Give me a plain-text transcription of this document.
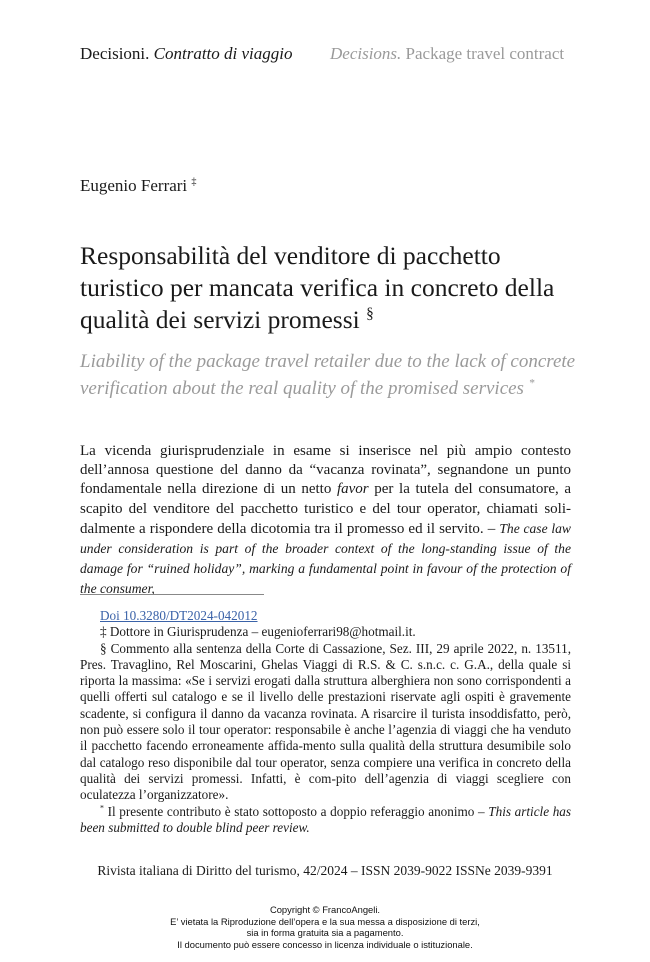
Decisioni. Contratto di viaggio Decisions. Package travel contract
Eugenio Ferrari ‡
Responsabilità del venditore di pacchetto turistico per mancata verifica in concreto della qualità dei servizi promessi §
Liability of the package travel retailer due to the lack of concrete verification about the real quality of the promised services *
La vicenda giurisprudenziale in esame si inserisce nel più ampio contesto dell’annosa questione del danno da “vacanza rovinata”, segnandone un punto fondamentale nella direzione di un netto favor per la tutela del consumatore, a scapito del venditore del pacchetto turistico e del tour operator, chiamati soli-dalmente a rispondere della dicotomia tra il promesso ed il servito. – The case law under consideration is part of the broader context of the long-standing issue of the damage for “ruined holiday”, marking a fundamental point in favour of the protection of the consumer,

Doi 10.3280/DT2024-042012

‡ Dottore in Giurisprudenza – eugenioferrari98@hotmail.it.

§ Commento alla sentenza della Corte di Cassazione, Sez. III, 29 aprile 2022, n. 13511, Pres. Travaglino, Rel Moscarini, Ghelas Viaggi di R.S. & C. s.n.c. c. G.A., della quale si riporta la massima: «Se i servizi erogati dalla struttura alberghiera non sono corrispondenti a quelli offerti sul catalogo e se il livello delle prestazioni riservate agli ospiti è gravemente scadente, si configura il danno da vacanza rovinata. A risarcire il turista insoddisfatto, però, non può essere solo il tour operator: responsabile è anche l’agenzia di viaggi che ha venduto il pacchetto facendo erroneamente affida-mento sulla qualità della struttura desumibile solo dal catalogo reso disponibile dal tour operator, senza compiere una verifica in concreto della qualità dei servizi promessi. Infatti, è com-pito dell’agenzia di viaggi scegliere con oculatezza l’organizzatore».

* Il presente contributo è stato sottoposto a doppio referaggio anonimo – This article has been submitted to double blind peer review.

Rivista italiana di Diritto del turismo, 42/2024 – ISSN 2039-9022 ISSNe 2039-9391
Copyright © FrancoAngeli.
E’ vietata la Riproduzione dell’opera e la sua messa a disposizione di terzi,
sia in forma gratuita sia a pagamento.
Il documento può essere concesso in licenza individuale o istituzionale.
